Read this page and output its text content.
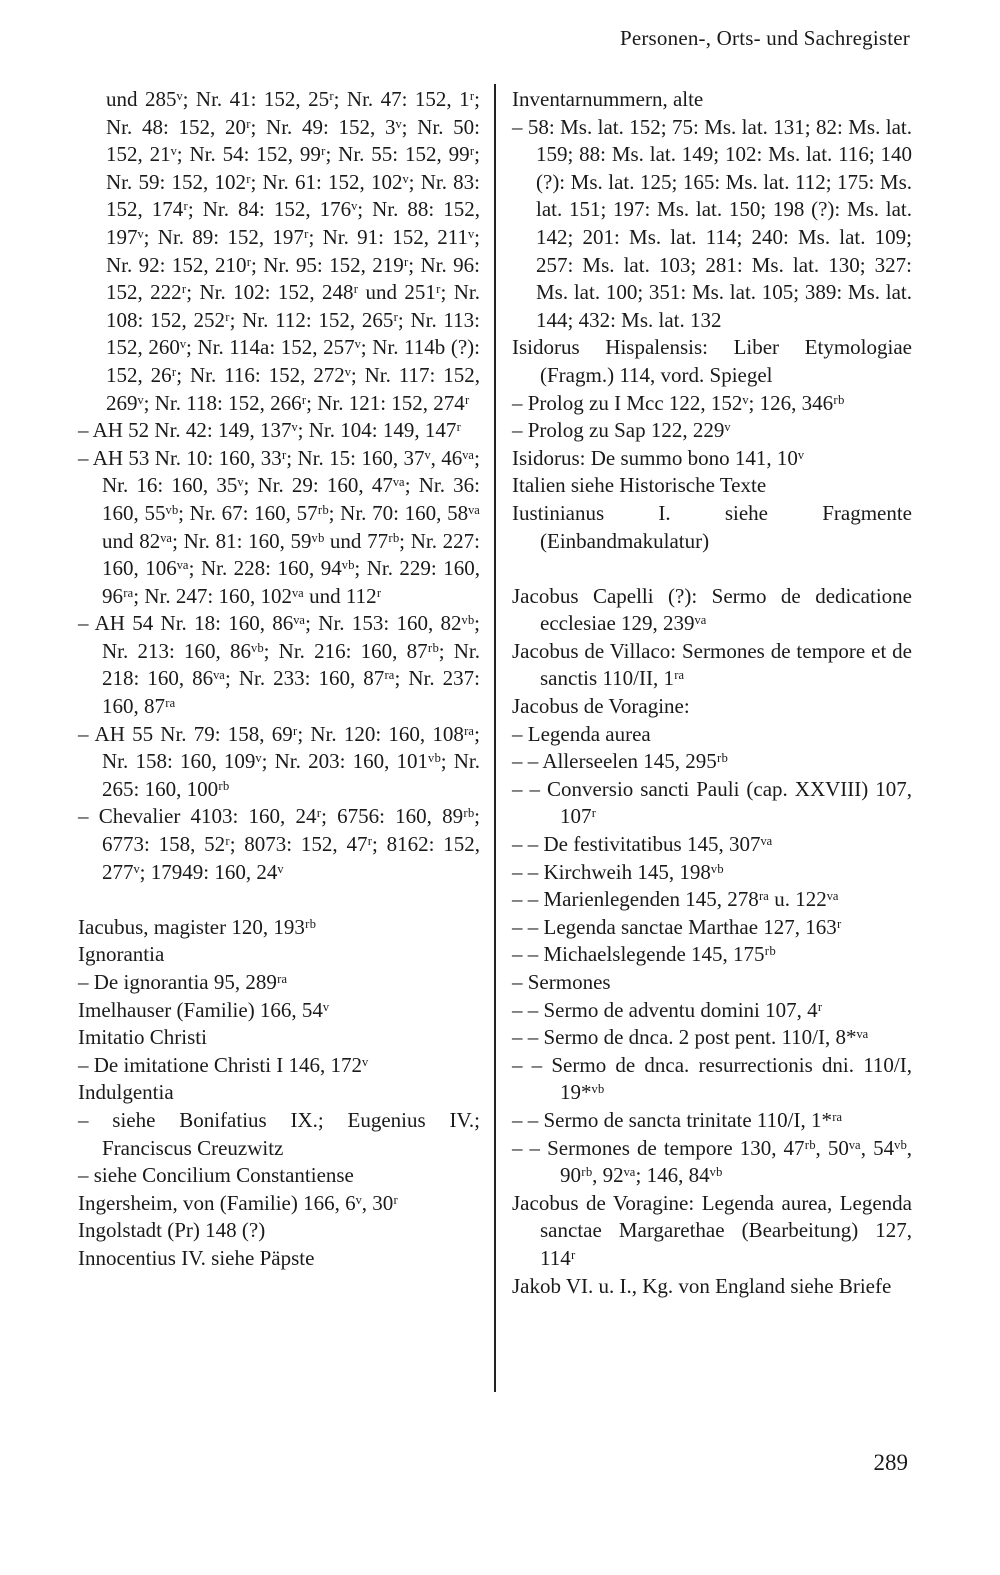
Personen-, Orts- und Sachregister
und 285ᵛ; Nr. 41: 152, 25ʳ; Nr. 47: 152, 1ʳ; Nr. 48: 152, 20ʳ; Nr. 49: 152, 3ᵛ; Nr. 50: 152, 21ᵛ; Nr. 54: 152, 99ʳ; Nr. 55: 152, 99ʳ; Nr. 59: 152, 102ʳ; Nr. 61: 152, 102ᵛ; Nr. 83: 152, 174ʳ; Nr. 84: 152, 176ᵛ; Nr. 88: 152, 197ᵛ; Nr. 89: 152, 197ʳ; Nr. 91: 152, 211ᵛ; Nr. 92: 152, 210ʳ; Nr. 95: 152, 219ʳ; Nr. 96: 152, 222ʳ; Nr. 102: 152, 248ʳ und 251ʳ; Nr. 108: 152, 252ʳ; Nr. 112: 152, 265ʳ; Nr. 113: 152, 260ᵛ; Nr. 114a: 152, 257ᵛ; Nr. 114b (?): 152, 26ʳ; Nr. 116: 152, 272ᵛ; Nr. 117: 152, 269ᵛ; Nr. 118: 152, 266ʳ; Nr. 121: 152, 274ʳ
– AH 52 Nr. 42: 149, 137ᵛ; Nr. 104: 149, 147ʳ
– AH 53 Nr. 10: 160, 33ʳ; Nr. 15: 160, 37ᵛ, 46ᵛᵃ; Nr. 16: 160, 35ᵛ; Nr. 29: 160, 47ᵛᵃ; Nr. 36: 160, 55ᵛᵇ; Nr. 67: 160, 57ʳᵇ; Nr. 70: 160, 58ᵛᵃ und 82ᵛᵃ; Nr. 81: 160, 59ᵛᵇ und 77ʳᵇ; Nr. 227: 160, 106ᵛᵃ; Nr. 228: 160, 94ᵛᵇ; Nr. 229: 160, 96ʳᵃ; Nr. 247: 160, 102ᵛᵃ und 112ʳ
– AH 54 Nr. 18: 160, 86ᵛᵃ; Nr. 153: 160, 82ᵛᵇ; Nr. 213: 160, 86ᵛᵇ; Nr. 216: 160, 87ʳᵇ; Nr. 218: 160, 86ᵛᵃ; Nr. 233: 160, 87ʳᵃ; Nr. 237: 160, 87ʳᵃ
– AH 55 Nr. 79: 158, 69ʳ; Nr. 120: 160, 108ʳᵃ; Nr. 158: 160, 109ᵛ; Nr. 203: 160, 101ᵛᵇ; Nr. 265: 160, 100ʳᵇ
– Chevalier 4103: 160, 24ʳ; 6756: 160, 89ʳᵇ; 6773: 158, 52ʳ; 8073: 152, 47ʳ; 8162: 152, 277ᵛ; 17949: 160, 24ᵛ
Iacubus, magister 120, 193ʳᵇ
Ignorantia
– De ignorantia 95, 289ʳᵃ
Imelhauser (Familie) 166, 54ᵛ
Imitatio Christi
– De imitatione Christi I 146, 172ᵛ
Indulgentia
– siehe Bonifatius IX.; Eugenius IV.; Franciscus Creuzwitz
– siehe Concilium Constantiense
Ingersheim, von (Familie) 166, 6ᵛ, 30ʳ
Ingolstadt (Pr) 148 (?)
Innocentius IV. siehe Päpste
Inventarnummern, alte
– 58: Ms. lat. 152; 75: Ms. lat. 131; 82: Ms. lat. 159; 88: Ms. lat. 149; 102: Ms. lat. 116; 140 (?): Ms. lat. 125; 165: Ms. lat. 112; 175: Ms. lat. 151; 197: Ms. lat. 150; 198 (?): Ms. lat. 142; 201: Ms. lat. 114; 240: Ms. lat. 109; 257: Ms. lat. 103; 281: Ms. lat. 130; 327: Ms. lat. 100; 351: Ms. lat. 105; 389: Ms. lat. 144; 432: Ms. lat. 132
Isidorus Hispalensis: Liber Etymologiae (Fragm.) 114, vord. Spiegel
– Prolog zu I Mcc 122, 152ᵛ; 126, 346ʳᵇ
– Prolog zu Sap 122, 229ᵛ
Isidorus: De summo bono 141, 10ᵛ
Italien siehe Historische Texte
Iustinianus I. siehe Fragmente (Einbandmakulatur)
Jacobus Capelli (?): Sermo de dedicatione ecclesiae 129, 239ᵛᵃ
Jacobus de Villaco: Sermones de tempore et de sanctis 110/II, 1ʳᵃ
Jacobus de Voragine:
– Legenda aurea
– – Allerseelen 145, 295ʳᵇ
– – Conversio sancti Pauli (cap. XXVIII) 107, 107ʳ
– – De festivitatibus 145, 307ᵛᵃ
– – Kirchweih 145, 198ᵛᵇ
– – Marienlegenden 145, 278ʳᵃ u. 122ᵛᵃ
– – Legenda sanctae Marthae 127, 163ʳ
– – Michaelslegende 145, 175ʳᵇ
– Sermones
– – Sermo de adventu domini 107, 4ʳ
– – Sermo de dnca. 2 post pent. 110/I, 8*ᵛᵃ
– – Sermo de dnca. resurrectionis dni. 110/I, 19*ᵛᵇ
– – Sermo de sancta trinitate 110/I, 1*ʳᵃ
– – Sermones de tempore 130, 47ʳᵇ, 50ᵛᵃ, 54ᵛᵇ, 90ʳᵇ, 92ᵛᵃ; 146, 84ᵛᵇ
Jacobus de Voragine: Legenda aurea, Legenda sanctae Margarethae (Bearbeitung) 127, 114ʳ
Jakob VI. u. I., Kg. von England siehe Briefe
289
